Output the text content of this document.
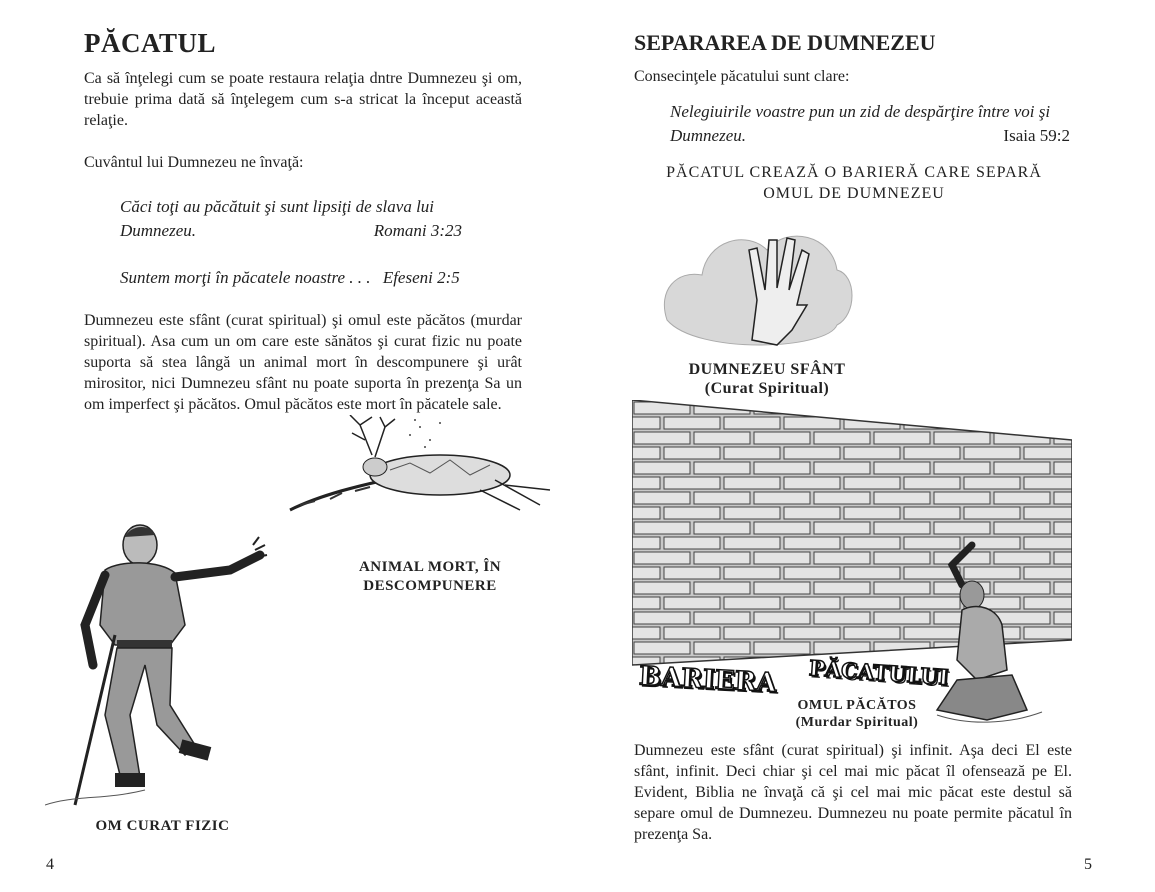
PĂCATUL

Ca să înţelegi cum se poate restaura relaţia dntre Dumnezeu şi om, trebuie prima dată să înţelegem cum s-a stricat la început această relaţie.

Cuvântul lui Dumnezeu ne învaţă:

Căci toţi au păcătuit şi sunt lipsiţi de slava lui Dumnezeu.	Romani 3:23
Suntem morţi în păcatele noastre . . . Efeseni 2:5

Dumnezeu este sfânt (curat spiritual) şi omul este păcătos (murdar spiritual). Asa cum un om care este sănătos şi curat fizic nu poate suporta să stea lângă un animal mort în descompunere şi urât mirositor, nici Dumnezeu sfânt nu poate suporta în prezenţa Sa un om imperfect şi păcătos. Omul păcătos este mort în păcatele sale.

ANIMAL MORT, ÎN
DESCOMPUNERE
OM CURAT FIZIC
4
SEPARAREA DE DUMNEZEU

Consecinţele păcatului sunt clare:

Nelegiuirile voastre pun un zid de despărţire între voi şi Dumnezeu.	Isaia 59:2
PĂCATUL CREAZĂ O BARIERĂ CARE SEPARĂ
OMUL DE DUMNEZEU
DUMNEZEU SFÂNT
(Curat Spiritual)
BARIERA PĂCATULUI
OMUL PĂCĂTOS
(Murdar Spiritual)

Dumnezeu este sfânt (curat spiritual) şi infinit. Aşa deci El este sfânt, infinit. Deci chiar şi cel mai mic păcat îl ofensează pe El. Evident, Biblia ne învaţă că şi cel mai mic păcat este destul să separe omul de Dumnezeu. Dumnezeu nu poate permite păcatul în prezenţa Sa.

5
